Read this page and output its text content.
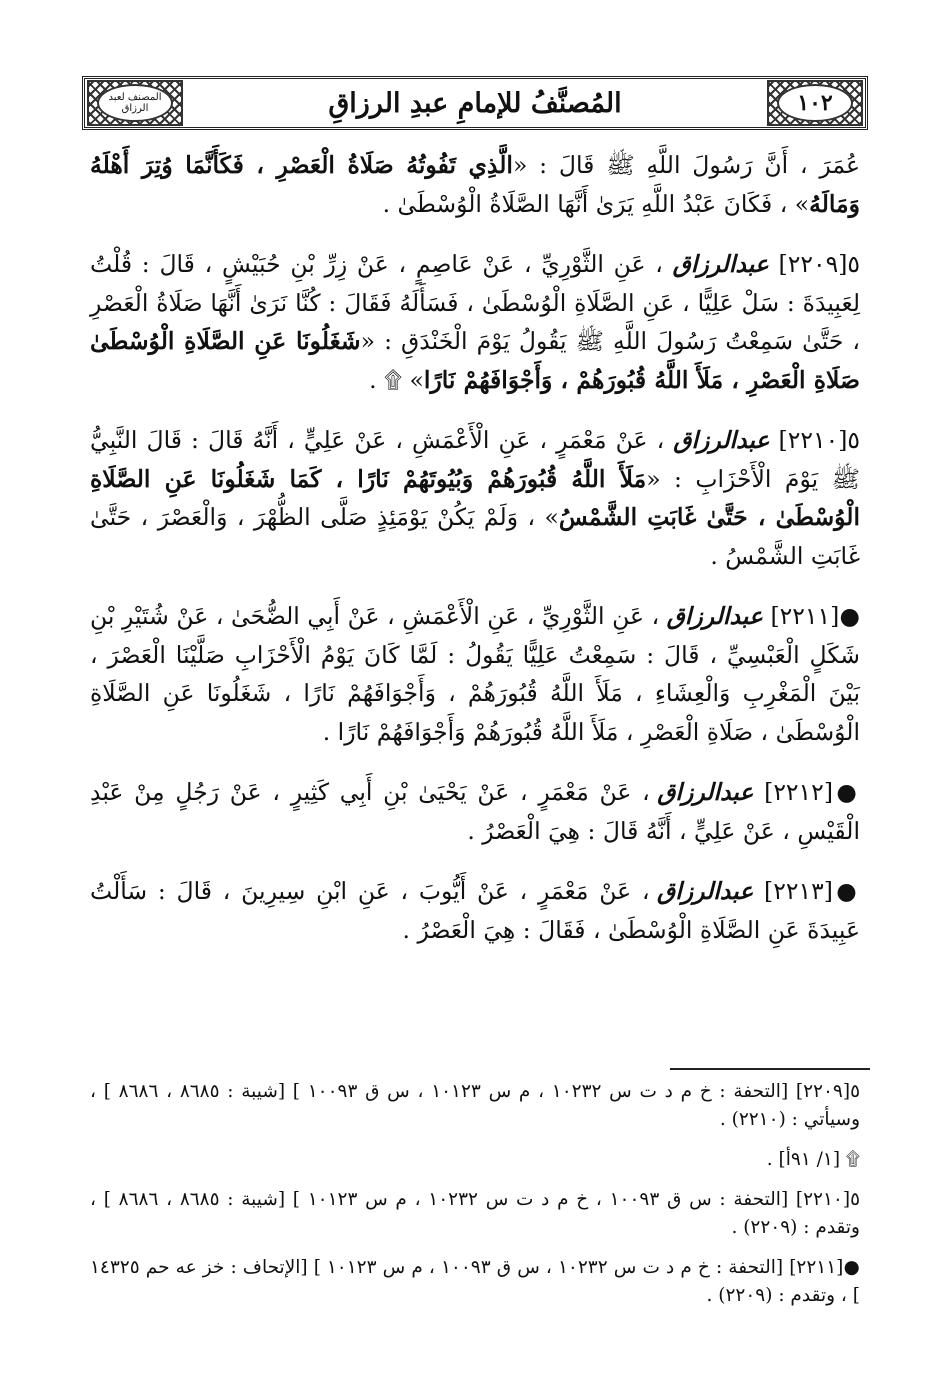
المصنف لعبد الرزاق	المُصنَّفُ للإمامِ عبدِ الرزاقِ	١٠٢

عُمَرَ ، أَنَّ رَسُولَ اللَّهِ ﷺ قَالَ : «الَّذِي تَفُوتُهُ صَلَاةُ الْعَصْرِ ، فَكَأَنَّمَا وُتِرَ أَهْلَهُ وَمَالَهُ» ، فَكَانَ عَبْدُ اللَّهِ يَرَىٰ أَنَّهَا الصَّلَاةُ الْوُسْطَىٰ .

٥[٢٢٠٩] عبدالرزاق ، عَنِ الثَّوْرِيِّ ، عَنْ عَاصِمٍ ، عَنْ زِرِّ بْنِ حُبَيْشٍ ، قَالَ : قُلْتُ لِعَبِيدَةَ : سَلْ عَلِيًّا ، عَنِ الصَّلَاةِ الْوُسْطَىٰ ، فَسَأَلَهُ فَقَالَ : كُنَّا نَرَىٰ أَنَّهَا صَلَاةُ الْعَصْرِ ، حَتَّىٰ سَمِعْتُ رَسُولَ اللَّهِ ﷺ يَقُولُ يَوْمَ الْخَنْدَقِ : «شَغَلُونَا عَنِ الصَّلَاةِ الْوُسْطَىٰ صَلَاةِ الْعَصْرِ ، مَلَأَ اللَّهُ قُبُورَهُمْ ، وَأَجْوَافَهُمْ نَارًا» ۩ .

٥[٢٢١٠] عبدالرزاق ، عَنْ مَعْمَرٍ ، عَنِ الْأَعْمَشِ ، عَنْ عَلِيٍّ ، أَنَّهُ قَالَ : قَالَ النَّبِيُّ ﷺ يَوْمَ الْأَحْزَابِ : «مَلَأَ اللَّهُ قُبُورَهُمْ وَبُيُوتَهُمْ نَارًا ، كَمَا شَغَلُونَا عَنِ الصَّلَاةِ الْوُسْطَىٰ ، حَتَّىٰ غَابَتِ الشَّمْسُ» ، وَلَمْ يَكُنْ يَوْمَئِذٍ صَلَّى الظُّهْرَ ، وَالْعَصْرَ ، حَتَّىٰ غَابَتِ الشَّمْسُ .

●[٢٢١١] عبدالرزاق ، عَنِ الثَّوْرِيِّ ، عَنِ الْأَعْمَشِ ، عَنْ أَبِي الضُّحَىٰ ، عَنْ شُتَيْرِ بْنِ شَكَلٍ الْعَبْسِيِّ ، قَالَ : سَمِعْتُ عَلِيًّا يَقُولُ : لَمَّا كَانَ يَوْمُ الْأَحْزَابِ صَلَّيْنَا الْعَصْرَ ، بَيْنَ الْمَغْرِبِ وَالْعِشَاءِ ، مَلَأَ اللَّهُ قُبُورَهُمْ ، وَأَجْوَافَهُمْ نَارًا ، شَغَلُونَا عَنِ الصَّلَاةِ الْوُسْطَىٰ ، صَلَاةِ الْعَصْرِ ، مَلَأَ اللَّهُ قُبُورَهُمْ وَأَجْوَافَهُمْ نَارًا .

●[٢٢١٢] عبدالرزاق ، عَنْ مَعْمَرٍ ، عَنْ يَحْيَىٰ بْنِ أَبِي كَثِيرٍ ، عَنْ رَجُلٍ مِنْ عَبْدِ الْقَيْسِ ، عَنْ عَلِيٍّ ، أَنَّهُ قَالَ : هِيَ الْعَصْرُ .

●[٢٢١٣] عبدالرزاق ، عَنْ مَعْمَرٍ ، عَنْ أَيُّوبَ ، عَنِ ابْنِ سِيرِينَ ، قَالَ : سَأَلْتُ عَبِيدَةَ عَنِ الصَّلَاةِ الْوُسْطَىٰ ، فَقَالَ : هِيَ الْعَصْرُ .

٥[٢٢٠٩] [التحفة : خ م د ت س ١٠٢٣٢ ، م س ١٠١٢٣ ، س ق ١٠٠٩٣ ] [شيبة : ٨٦٨٥ ، ٨٦٨٦ ] ، وسيأتي : (٢٢١٠) .
۩ [١/ ٩١أ] .
٥[٢٢١٠] [التحفة : س ق ١٠٠٩٣ ، خ م د ت س ١٠٢٣٢ ، م س ١٠١٢٣ ] [شيبة : ٨٦٨٥ ، ٨٦٨٦ ] ، وتقدم : (٢٢٠٩) .
●[٢٢١١] [التحفة : خ م د ت س ١٠٢٣٢ ، س ق ١٠٠٩٣ ، م س ١٠١٢٣ ] [الإتحاف : خز عه حم ١٤٣٢٥ ] ، وتقدم : (٢٢٠٩) .
